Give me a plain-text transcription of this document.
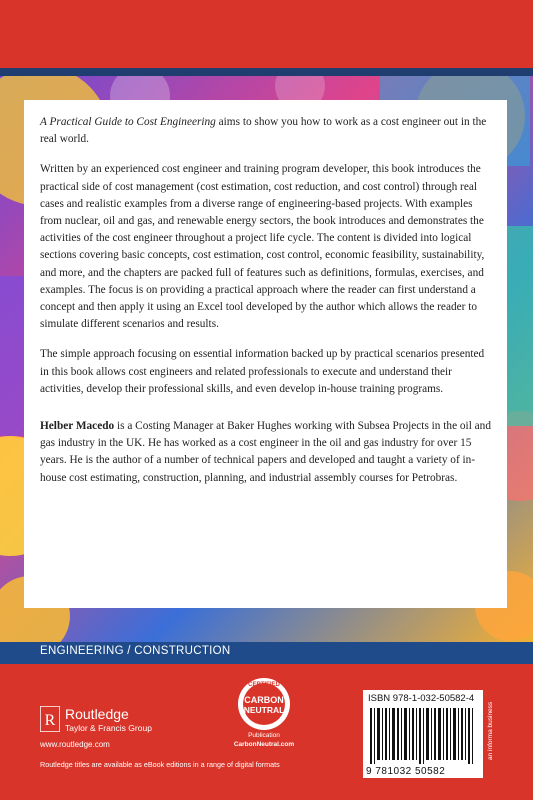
A Practical Guide to Cost Engineering aims to show you how to work as a cost engineer out in the real world.

Written by an experienced cost engineer and training program developer, this book introduces the practical side of cost management (cost estimation, cost reduction, and cost control) through real cases and realistic examples from a diverse range of engineering-based projects. With examples from nuclear, oil and gas, and renewable energy sectors, the book introduces and demonstrates the activities of the cost engineer throughout a project life cycle. The content is divided into logical sections covering basic concepts, cost estimation, cost control, economic feasibility, sustainability, and more, and the chapters are packed full of features such as definitions, formulas, exercises, and examples. The focus is on providing a practical approach where the reader can first understand a concept and then apply it using an Excel tool developed by the author which allows the reader to simulate different scenarios and results.

The simple approach focusing on essential information backed up by practical scenarios presented in this book allows cost engineers and related professionals to execute and understand their activities, develop their professional skills, and even develop in-house training programs.

Helber Macedo is a Costing Manager at Baker Hughes working with Subsea Projects in the oil and gas industry in the UK. He has worked as a cost engineer in the oil and gas industry for over 15 years. He is the author of a number of technical papers and developed and taught a variety of in-house cost estimating, construction, planning, and industrial assembly courses for Petrobras.

ENGINEERING / CONSTRUCTION
R Routledge
Taylor & Francis Group
www.routledge.com
Routledge titles are available as eBook editions in a range of digital formats
CERTIFIED
CARBON
NEUTRAL
Publication
CarbonNeutral.com
ISBN 978-1-032-50582-4
9 781032 50582
an informa business
